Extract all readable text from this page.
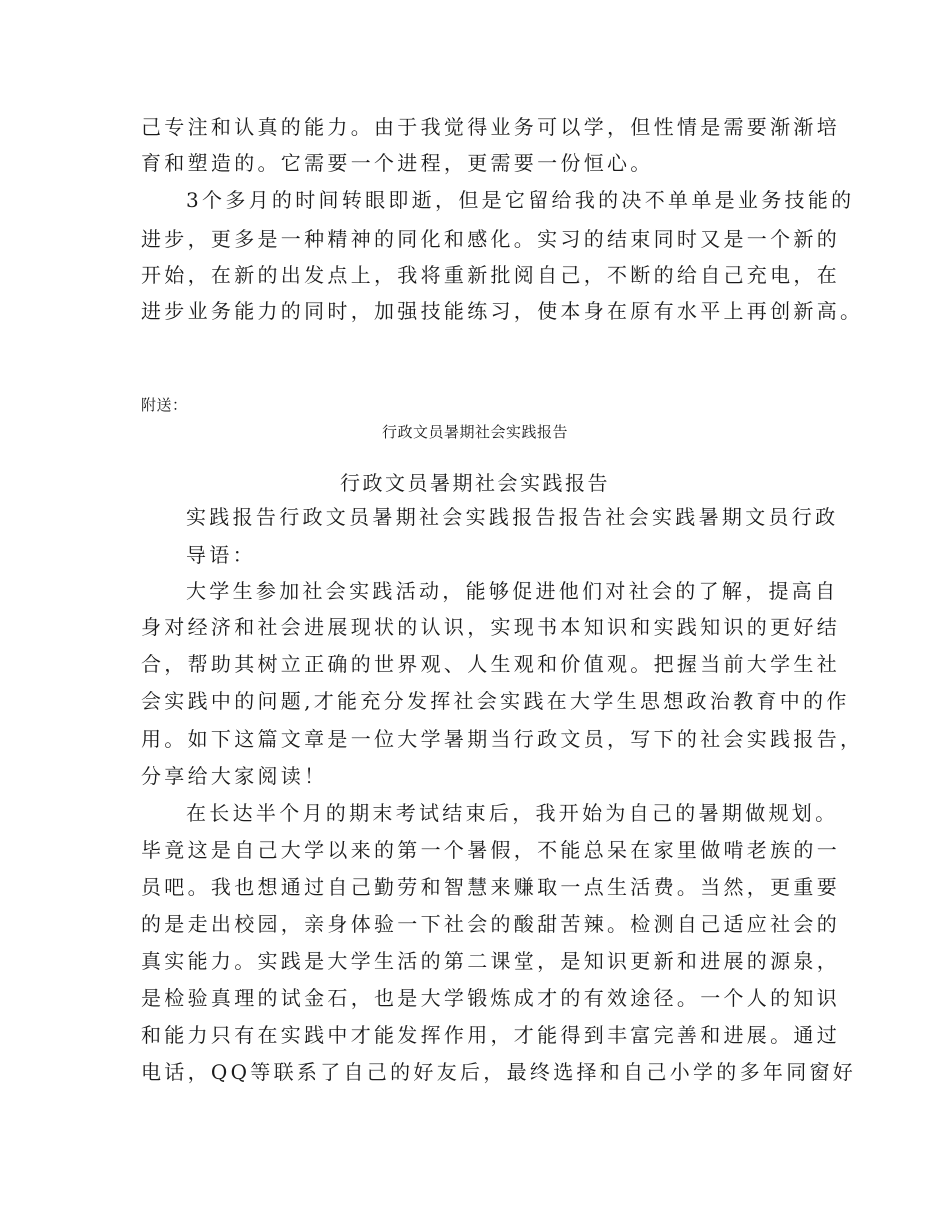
己专注和认真的能力。由于我觉得业务可以学，但性情是需要渐渐培
育和塑造的。它需要一个进程，更需要一份恒心。
3个多月的时间转眼即逝，但是它留给我的决不单单是业务技能的
进步，更多是一种精神的同化和感化。实习的结束同时又是一个新的
开始，在新的出发点上，我将重新批阅自己，不断的给自己充电，在
进步业务能力的同时，加强技能练习，使本身在原有水平上再创新高。
附送：
行政文员暑期社会实践报告
行政文员暑期社会实践报告
实践报告行政文员暑期社会实践报告报告社会实践暑期文员行政
导语：
大学生参加社会实践活动，能够促进他们对社会的了解，提高自
身对经济和社会进展现状的认识，实现书本知识和实践知识的更好结
合，帮助其树立正确的世界观、人生观和价值观。把握当前大学生社
会实践中的问题,才能充分发挥社会实践在大学生思想政治教育中的作
用。如下这篇文章是一位大学暑期当行政文员，写下的社会实践报告，
分享给大家阅读！
在长达半个月的期末考试结束后，我开始为自己的暑期做规划。
毕竟这是自己大学以来的第一个暑假，不能总呆在家里做啃老族的一
员吧。我也想通过自己勤劳和智慧来赚取一点生活费。当然，更重要
的是走出校园，亲身体验一下社会的酸甜苦辣。检测自己适应社会的
真实能力。实践是大学生活的第二课堂，是知识更新和进展的源泉，
是检验真理的试金石，也是大学锻炼成才的有效途径。一个人的知识
和能力只有在实践中才能发挥作用，才能得到丰富完善和进展。通过
电话，QQ等联系了自己的好友后，最终选择和自己小学的多年同窗好
